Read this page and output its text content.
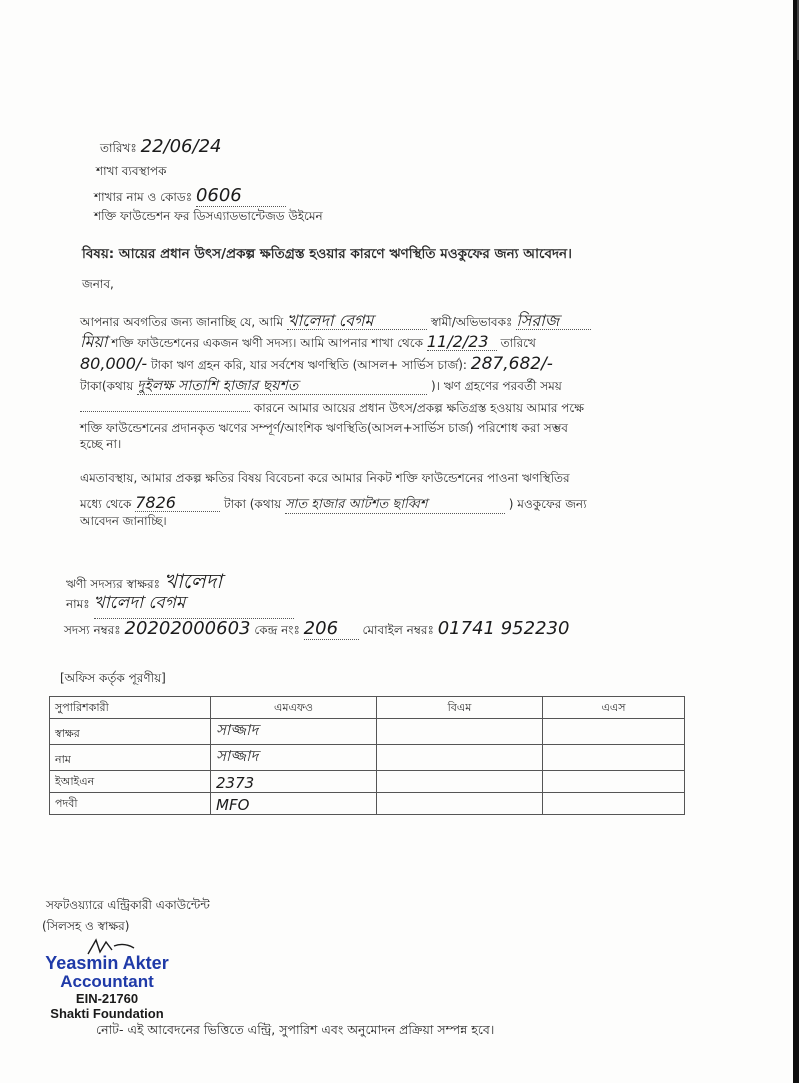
তারিখঃ 22/06/24
শাখা ব্যবস্থাপক
শাখার নাম ও কোডঃ 0606
শক্তি ফাউন্ডেশন ফর ডিসএ্যাডভান্টেজড উইমেন
বিষয়: আয়ের প্রধান উৎস/প্রকল্প ক্ষতিগ্রস্ত হওয়ার কারণে ঋণস্থিতি মওকুফের জন্য আবেদন।
জনাব,
আপনার অবগতির জন্য জানাচ্ছি যে, আমি খালেদা বেগম	স্বামী/অভিভাবকঃ সিরাজ
মিয়া শক্তি ফাউন্ডেশনের একজন ঋণী সদস্য। আমি আপনার শাখা থেকে 11/2/23 তারিখে
80,000/- টাকা ঋণ গ্রহন করি, যার সর্বশেষ ঋণস্থিতি (আসল+ সার্ভিস চার্জ): 287,682/-
টাকা(কথায় দুইলক্ষ সাতাশি হাজার ছয়শত	)। ঋণ গ্রহণের পরবর্তী সময়
কারনে আমার আয়ের প্রধান উৎস/প্রকল্প ক্ষতিগ্রস্ত হওয়ায় আমার পক্ষে
শক্তি ফাউন্ডেশনের প্রদানকৃত ঋণের সম্পূর্ণ/আংশিক ঋণস্থিতি(আসল+সার্ভিস চার্জ) পরিশোধ করা সম্ভব
হচ্ছে না।
এমতাবস্থায়, আমার প্রকল্প ক্ষতির বিষয় বিবেচনা করে আমার নিকট শক্তি ফাউন্ডেশনের পাওনা ঋণস্থিতির
মধ্যে থেকে 7826	টাকা (কথায় সাত হাজার আটশত ছাব্বিশ	) মওকুফের জন্য
আবেদন জানাচ্ছি।
ঋণী সদস্যর স্বাক্ষরঃ খালেদা
নামঃ খালেদা বেগম
সদস্য নম্বরঃ 20202000603 কেন্দ্র নংঃ 206 মোবাইল নম্বরঃ 01741 952230
[অফিস কর্তৃক পূরণীয়]
সুপারিশকারী	এমএফও	বিএম	এএস
স্বাক্ষর	সাজ্জাদ		
নাম	সাজ্জাদ		
ইআইএন	2373		
পদবী	MFO		
সফটওয়্যারে এন্ট্রিকারী একাউন্টেন্ট
(সিলসহ ও স্বাক্ষর)
Yeasmin Akter
Accountant
EIN-21760
Shakti Foundation
নোট- এই আবেদনের ভিত্তিতে এন্ট্রি, সুপারিশ এবং অনুমোদন প্রক্রিয়া সম্পন্ন হবে।
